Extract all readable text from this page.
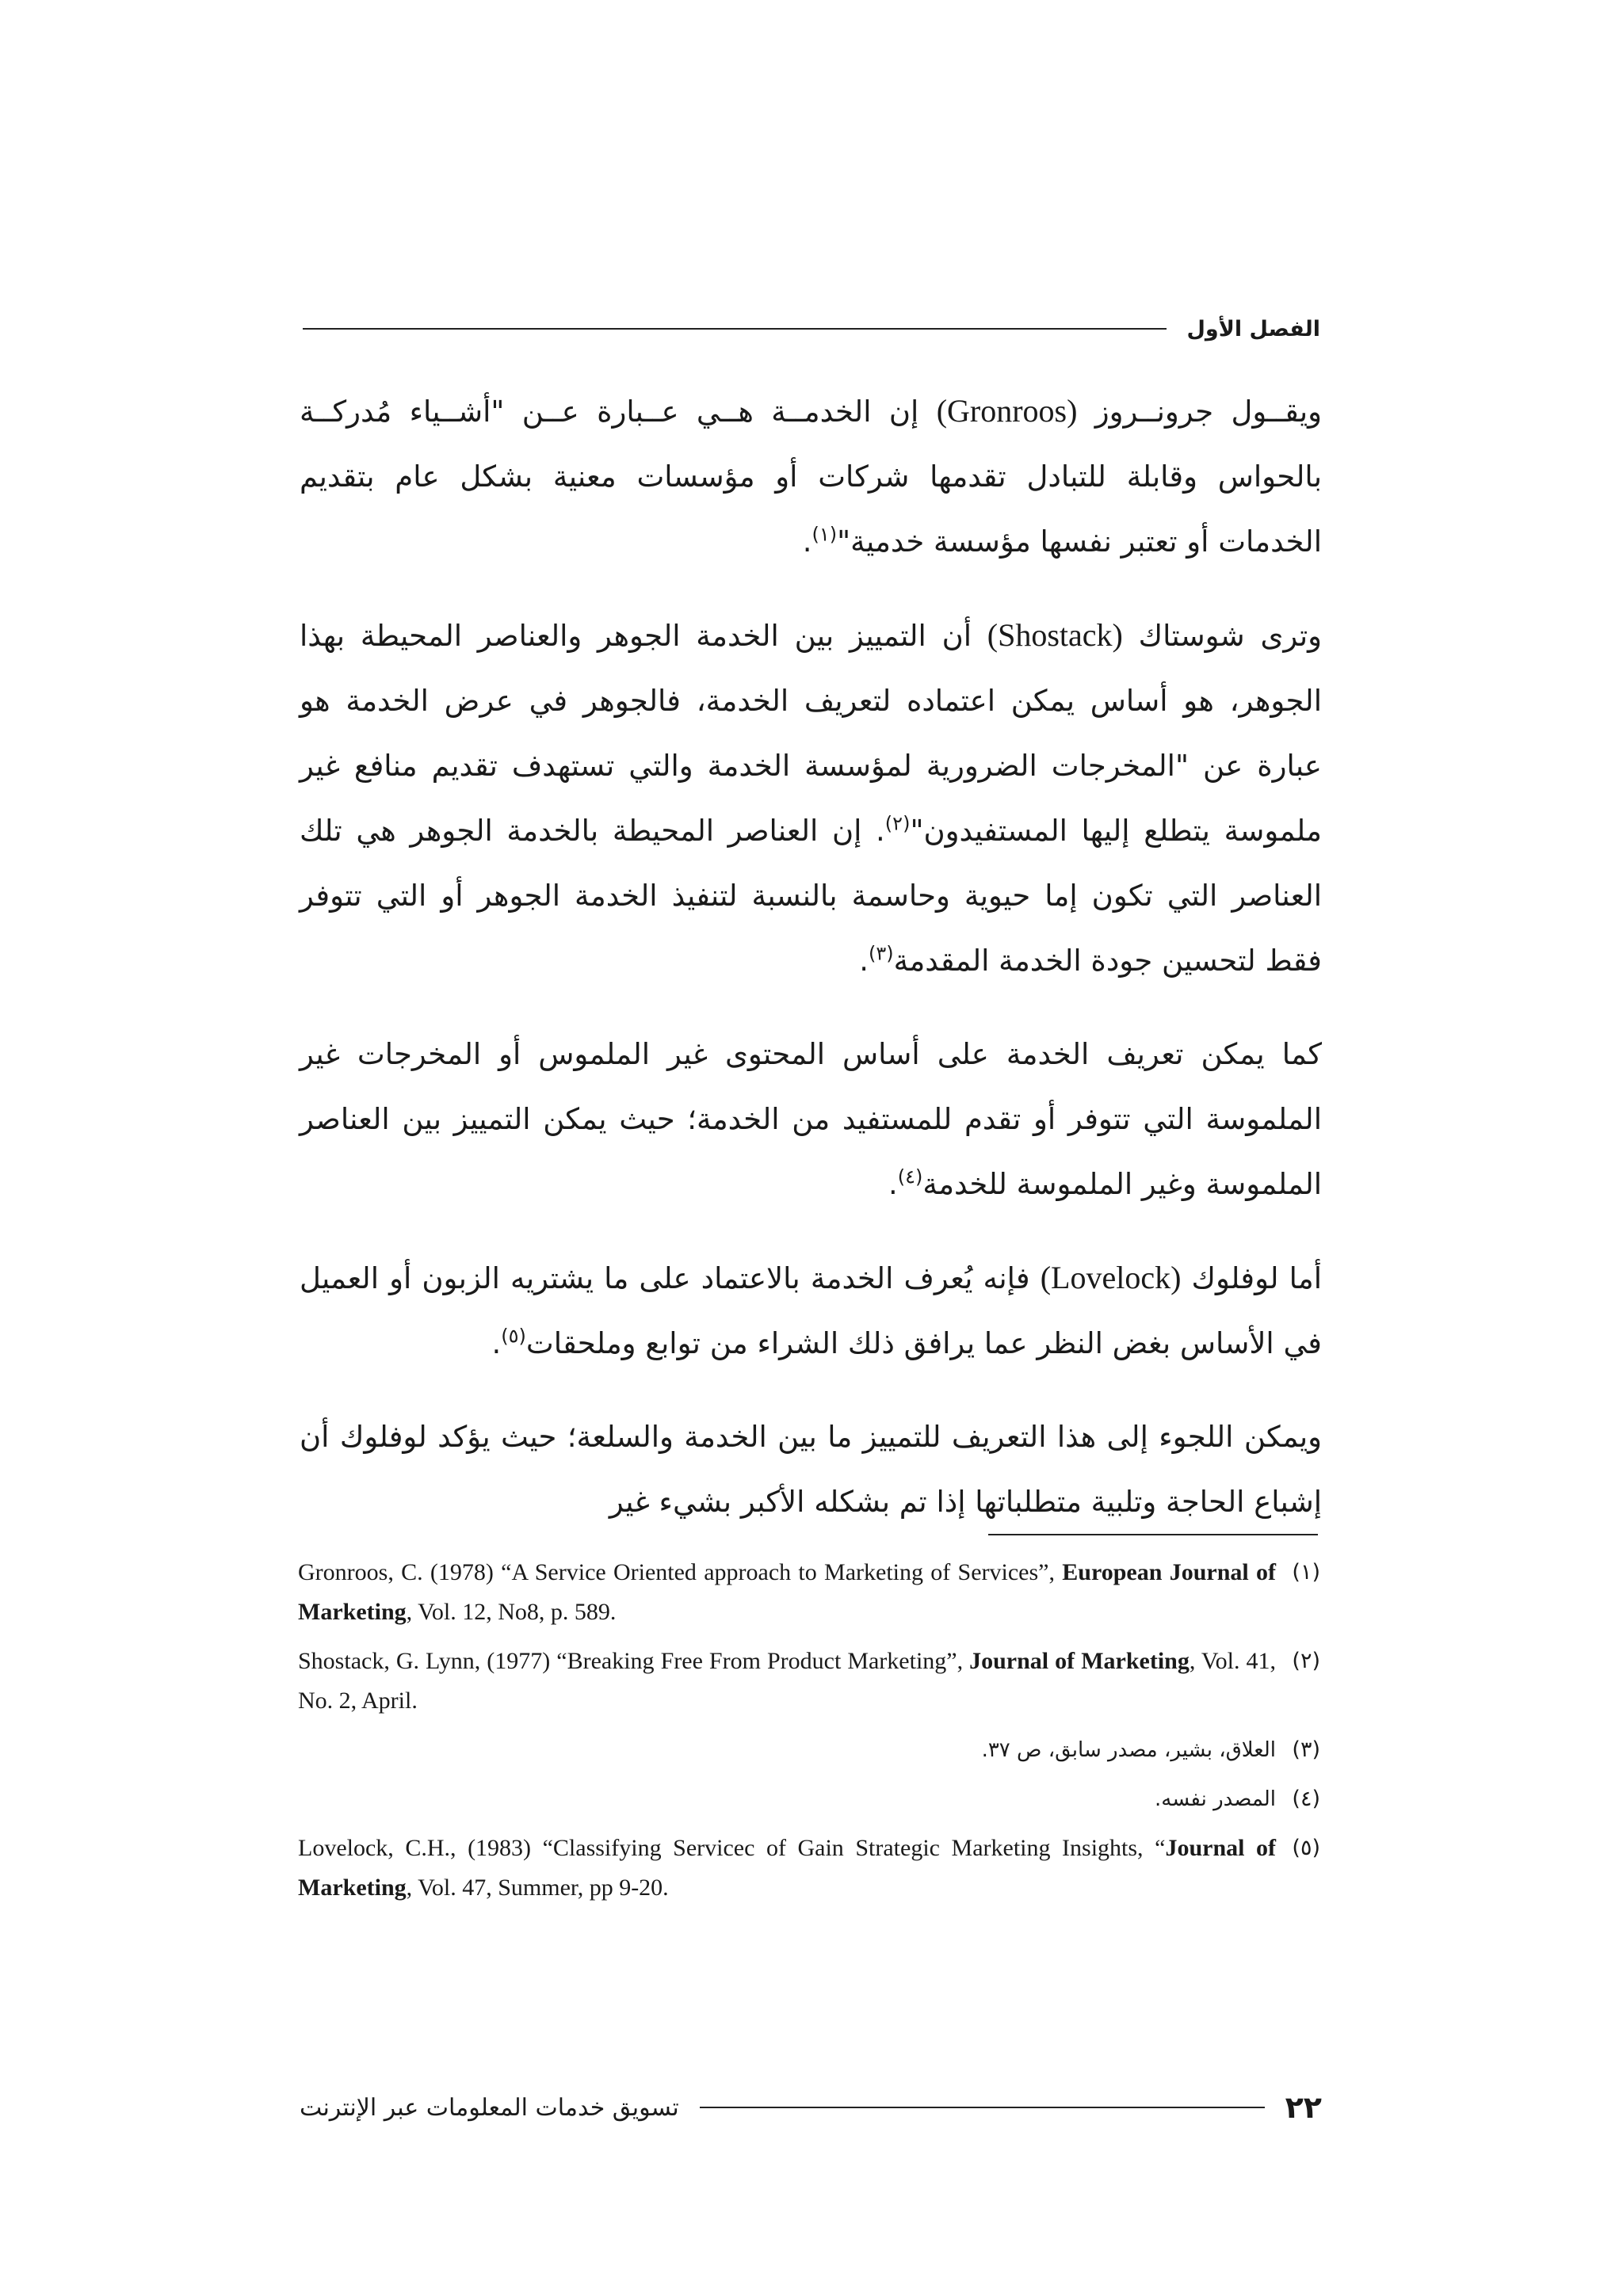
الفصل الأول

ويقــول جرونــروز (Gronroos) إن الخدمــة هــي عــبارة عــن "أشــياء مُدركــة بالحواس وقابلة للتبادل تقدمها شركات أو مؤسسات معنية بشكل عام بتقديم الخدمات أو تعتبر نفسها مؤسسة خدمية"$^{(١)}$.

وترى شوستاك (Shostack) أن التمييز بين الخدمة الجوهر والعناصر المحيطة بهذا الجوهر، هو أساس يمكن اعتماده لتعريف الخدمة، فالجوهر في عرض الخدمة هو عبارة عن "المخرجات الضرورية لمؤسسة الخدمة والتي تستهدف تقديم منافع غير ملموسة يتطلع إليها المستفيدون"$^{(٢)}$. إن العناصر المحيطة بالخدمة الجوهر هي تلك العناصر التي تكون إما حيوية وحاسمة بالنسبة لتنفيذ الخدمة الجوهر أو التي تتوفر فقط لتحسين جودة الخدمة المقدمة$^{(٣)}$.

كما يمكن تعريف الخدمة على أساس المحتوى غير الملموس أو المخرجات غير الملموسة التي تتوفر أو تقدم للمستفيد من الخدمة؛ حيث يمكن التمييز بين العناصر الملموسة وغير الملموسة للخدمة$^{(٤)}$.

أما لوفلوك (Lovelock) فإنه يُعرف الخدمة بالاعتماد على ما يشتريه الزبون أو العميل في الأساس بغض النظر عما يرافق ذلك الشراء من توابع وملحقات$^{(٥)}$.

ويمكن اللجوء إلى هذا التعريف للتمييز ما بين الخدمة والسلعة؛ حيث يؤكد لوفلوك أن إشباع الحاجة وتلبية متطلباتها إذا تم بشكله الأكبر بشيء غير

(١)
Gronroos, C. (1978) “A Service Oriented approach to Marketing of Services”, European Journal of Marketing, Vol. 12, No8, p. 589.
(٢)
Shostack, G. Lynn, (1977) “Breaking Free From Product Marketing”, Journal of Marketing, Vol. 41, No. 2, April.
(٣)
العلاق، بشير، مصدر سابق، ص ٣٧.
(٤)
المصدر نفسه.
(٥)
Lovelock, C.H., (1983) “Classifying Servicec of Gain Strategic Marketing Insights, “Journal of Marketing, Vol. 47, Summer, pp 9-20.
٢٢
تسويق خدمات المعلومات عبر الإنترنت
